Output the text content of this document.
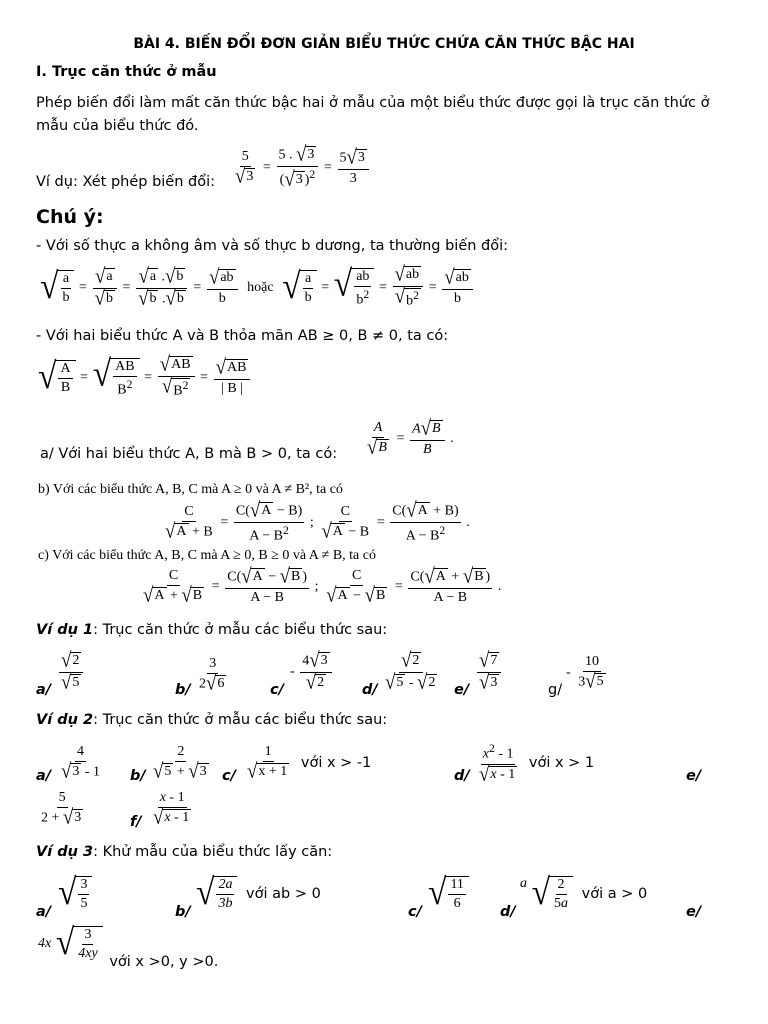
BÀI 4. BIẾN ĐỔI ĐƠN GIẢN BIỂU THỨC CHỨA CĂN THỨC BẬC HAI
I. Trục căn thức ở mẫu
Phép biến đổi làm mất căn thức bậc hai ở mẫu của một biểu thức được gọi là trục căn thức ở mẫu của biểu thức đó.
Ví dụ: Xét phép biến đổi: $\frac{5}{√ 3} = \frac{5 . √ 3}{( √ 3 )^2} = \frac{5 √ 3}{3}$
Chú ý:
- Với số thực a không âm và số thực b dương, ta thường biến đổi:
√ $\frac{a}{b} = \frac{√ a}{√ b} = \frac{√ a . √ b}{√ b . √ b} = \frac{√ ab}{b}$ hoặc √ $\frac{a}{b}$ = √ $\frac{ab}{b^2} = \frac{√ ab}{√ b^2} = \frac{√ ab}{b}$
- Với hai biểu thức A và B thỏa mãn AB ≥ 0, B ≠ 0, ta có:
√ $\frac{A}{B}$ = √ $\frac{AB}{B^2} = \frac{√ AB}{√ B^2} = \frac{√ AB}{| B |}$
a/ Với hai biểu thức A, B mà B > 0, ta có: $\frac{A}{√ B} = \frac{A √ B}{B}$ .
b) Với các biểu thức A, B, C mà A ≥ 0 và A ≠ B², ta có
$\frac{C}{√ A + B} = \frac{C( √ A - B)}{A - B^2}$ ; $\frac{C}{√ A - B} = \frac{C( √ A + B)}{A - B^2}$ .
c) Với các biểu thức A, B, C mà A ≥ 0, B ≥ 0 và A ≠ B, ta có
$\frac{C}{√ A + √ B} = \frac{C( √ A - √ B )}{A - B}$ ; $\frac{C}{√ A - √ B} = \frac{C( √ A + √ B )}{A - B}$ .
Ví dụ 1: Trục căn thức ở mẫu các biểu thức sau:
$a/ \frac{√ 2}{√ 5}$	$b/ \frac{3}{2 √ 6}$	c/
- $\frac{4 √ 3}{√ 2} d/ \frac{√ 2}{√ 5 - √ 2} e/ \frac{√ 7}{√ 3}$	g/
- $\frac{10}{3 √ 5}$
Ví dụ 2: Trục căn thức ở mẫu các biểu thức sau:
$a/ \frac{4}{√ 3 - 1} b/ \frac{2}{√ 5 + √ 3} c/ \frac{1}{√ x + 1}$ với x > -1
$d/ \frac{x^2 - 1}{√ x - 1}$ với x > 1
e/
$\frac{5}{2 + √ 3}$	$f/ \frac{x - 1}{√ x - 1}$
Ví dụ 3: Khử mẫu của biểu thức lấy căn:
a/ √ $\frac{3}{5}$	b/ √ $\frac{2a}{3b}$ với ab > 0
c/ √ $\frac{11}{6} d/$
a √ $\frac{2}{5a}$ với a > 0
e/
4x √ $\frac{3}{4xy}$ với x >0, y >0.
